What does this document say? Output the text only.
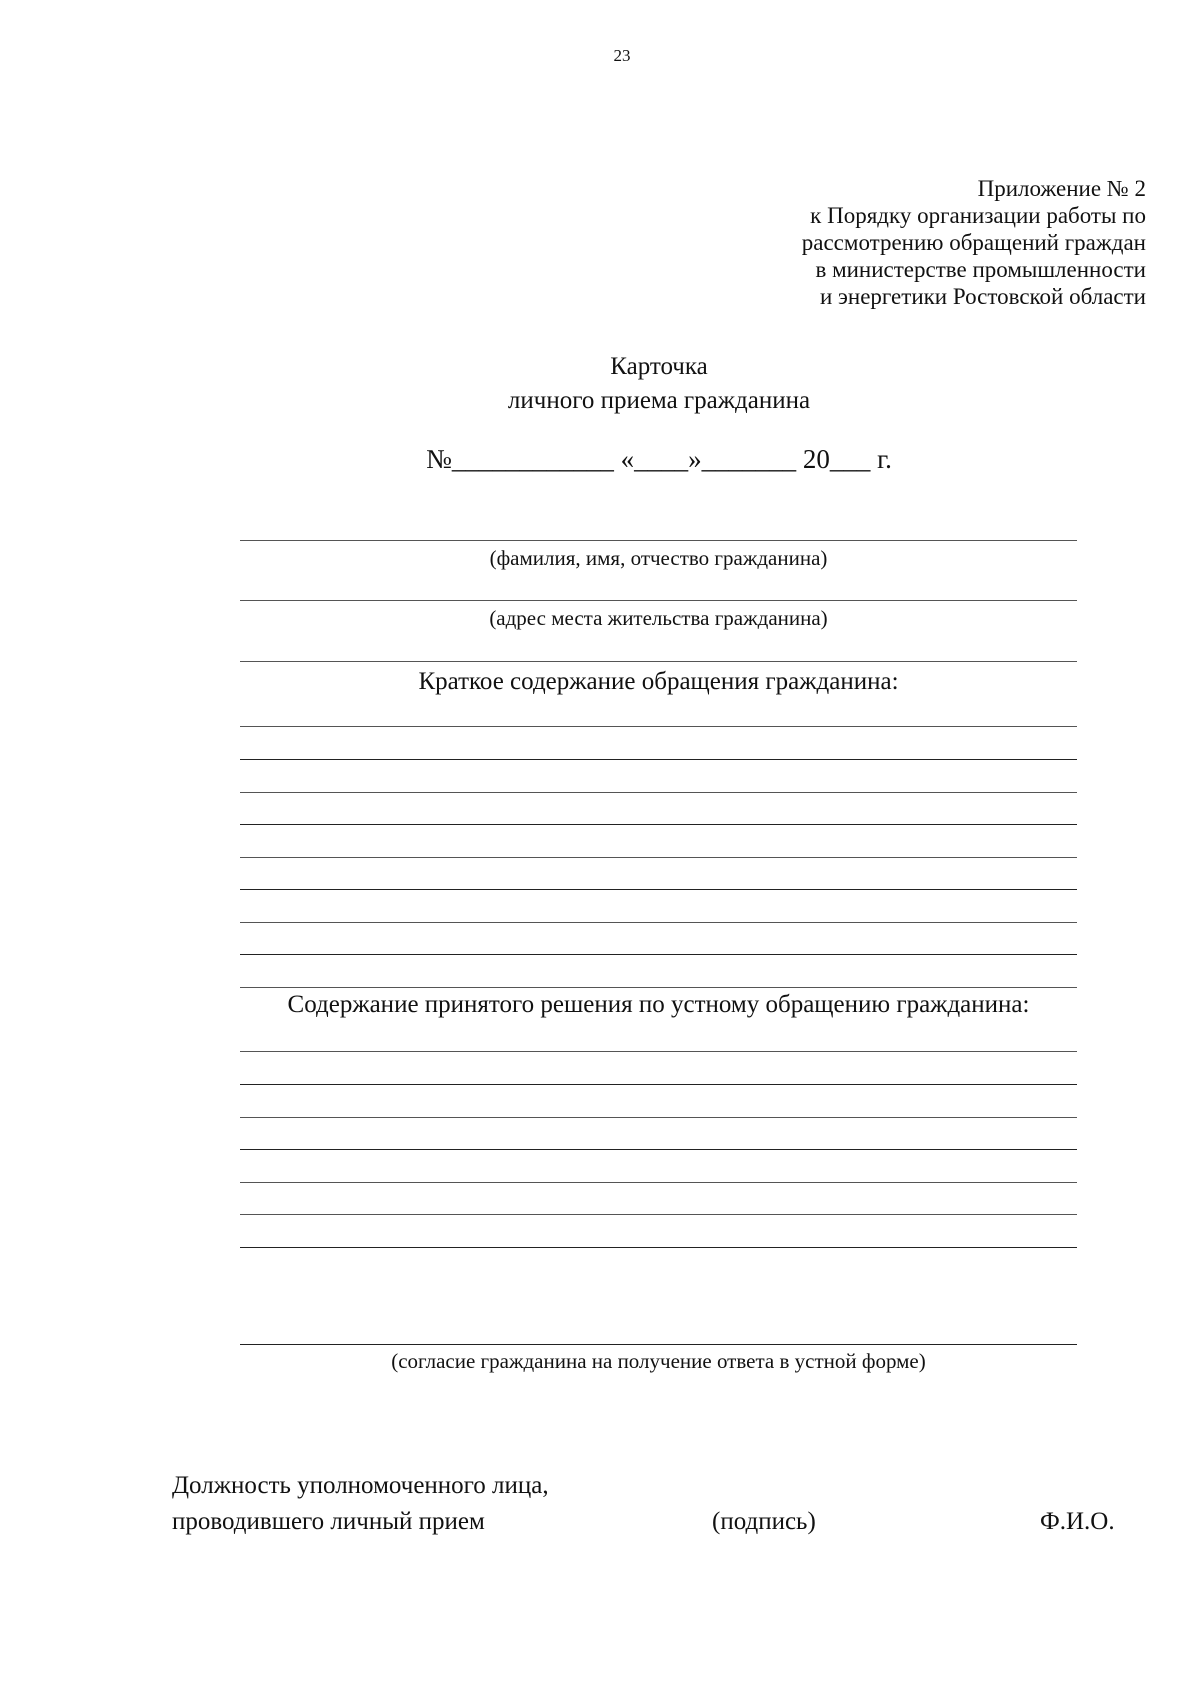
23
Приложение № 2
к Порядку организации работы по
рассмотрению обращений граждан
в министерстве промышленности
и энергетики Ростовской области
Карточка
личного приема гражданина
№____________ «____»_______ 20___ г.
(фамилия, имя, отчество гражданина)
(адрес места жительства гражданина)
Краткое содержание обращения гражданина:
Содержание принятого решения по устному обращению гражданина:
(согласие гражданина на получение ответа в устной форме)
Должность уполномоченного лица,
проводившего личный прием	(подпись)	Ф.И.О.
